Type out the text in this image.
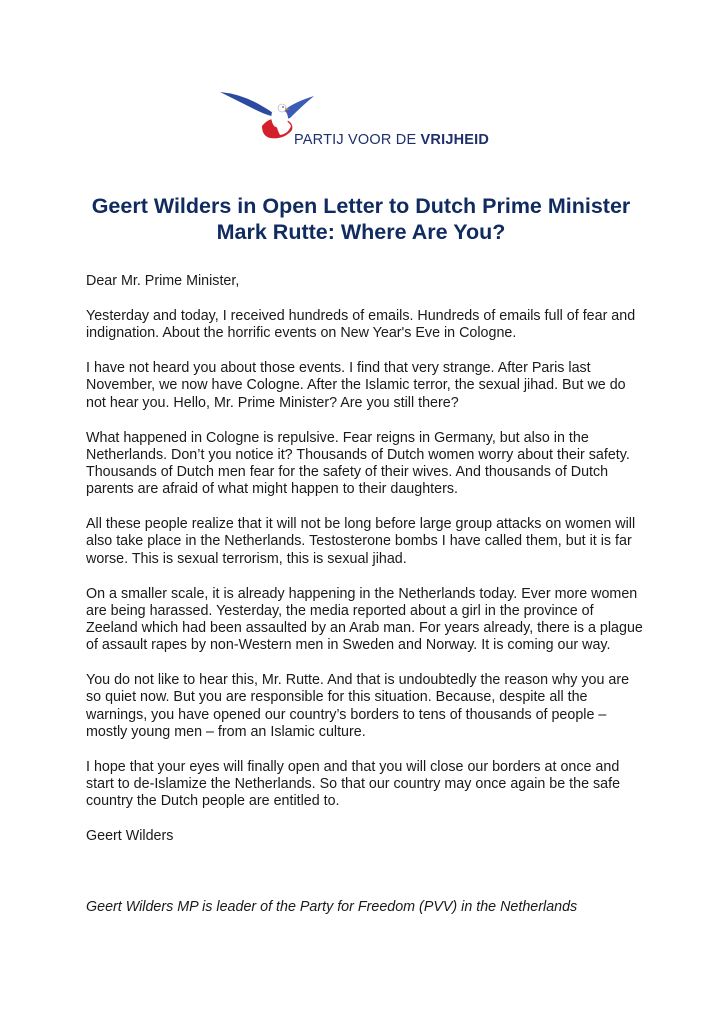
PARTIJ VOOR DE VRIJHEID
Geert Wilders in Open Letter to Dutch Prime Minister
Mark Rutte: Where Are You?

Dear Mr. Prime Minister,

Yesterday and today, I received hundreds of emails. Hundreds of emails full of fear and indignation. About the horrific events on New Year's Eve in Cologne.

I have not heard you about those events. I find that very strange. After Paris last November, we now have Cologne. After the Islamic terror, the sexual jihad. But we do not hear you. Hello, Mr. Prime Minister? Are you still there?

What happened in Cologne is repulsive. Fear reigns in Germany, but also in the Netherlands. Don’t you notice it? Thousands of Dutch women worry about their safety. Thousands of Dutch men fear for the safety of their wives. And thousands of Dutch parents are afraid of what might happen to their daughters.

All these people realize that it will not be long before large group attacks on women will also take place in the Netherlands. Testosterone bombs I have called them, but it is far worse. This is sexual terrorism, this is sexual jihad.

On a smaller scale, it is already happening in the Netherlands today. Ever more women are being harassed. Yesterday, the media reported about a girl in the province of Zeeland which had been assaulted by an Arab man. For years already, there is a plague of assault rapes by non-Western men in Sweden and Norway. It is coming our way.

You do not like to hear this, Mr. Rutte. And that is undoubtedly the reason why you are so quiet now. But you are responsible for this situation. Because, despite all the warnings, you have opened our country’s borders to tens of thousands of people – mostly young men – from an Islamic culture.

I hope that your eyes will finally open and that you will close our borders at once and start to de-Islamize the Netherlands. So that our country may once again be the safe country the Dutch people are entitled to.

Geert Wilders

Geert Wilders MP is leader of the Party for Freedom (PVV) in the Netherlands
